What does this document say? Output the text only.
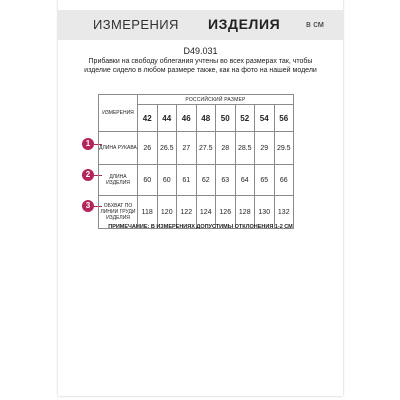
ИЗМЕРЕНИЯ ИЗДЕЛИЯ	в см
D49.031
Прибавки на свободу облегания учтены во всех размерах так, чтобы изделие сидело в любом размере также, как на фото на нашей модели
1
2
3
ИЗМЕРЕНИЯ	РОССИЙСКИЙ РАЗМЕР							
	42	44	46	48	50	52	54	56
ДЛИНА РУКАВА	26	26.5	27	27.5	28	28.5	29	29.5
ДЛИНА ИЗДЕЛИЯ	60	60	61	62	63	64	65	66
ОБХВАТ ПО ЛИНИИ ГРУДИ ИЗДЕЛИЯ	118	120	122	124	126	128	130	132
ПРИМЕЧАНИЕ: В ИЗМЕРЕНИЯХ ДОПУСТИМЫ ОТКЛОНЕНИЯ 1-2 СМ
